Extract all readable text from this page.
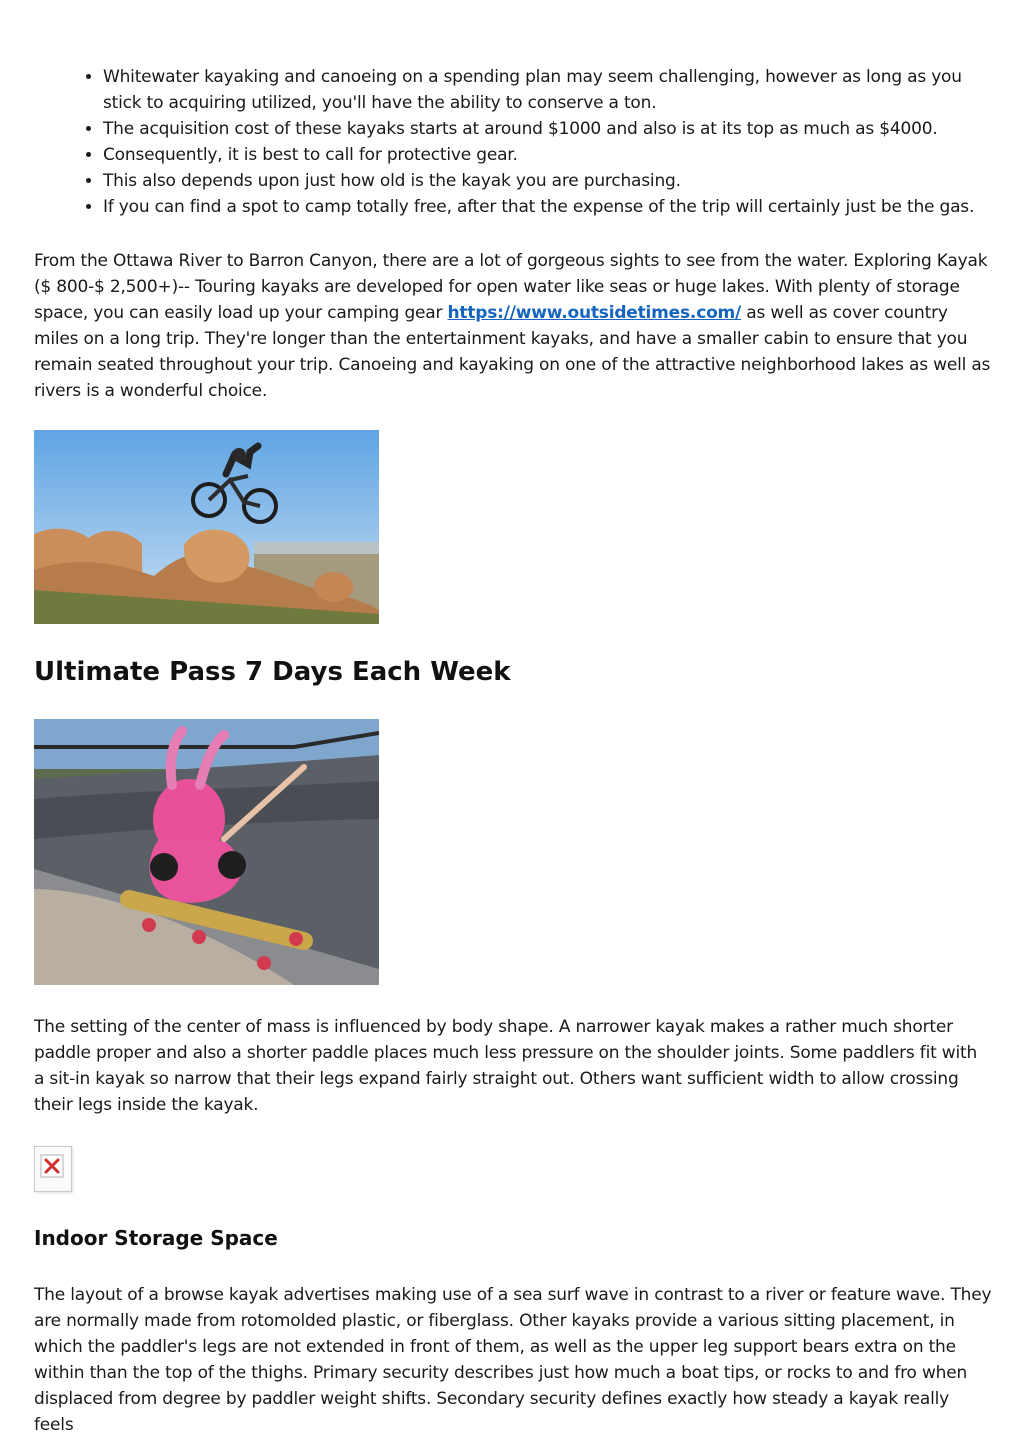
• Whitewater kayaking and canoeing on a spending plan may seem challenging, however as long as you stick to acquiring utilized, you'll have the ability to conserve a ton.
• The acquisition cost of these kayaks starts at around $1000 and also is at its top as much as $4000.
• Consequently, it is best to call for protective gear.
• This also depends upon just how old is the kayak you are purchasing.
• If you can find a spot to camp totally free, after that the expense of the trip will certainly just be the gas.

From the Ottawa River to Barron Canyon, there are a lot of gorgeous sights to see from the water. Exploring Kayak ($ 800-$ 2,500+)-- Touring kayaks are developed for open water like seas or huge lakes. With plenty of storage space, you can easily load up your camping gear https://www.outsidetimes.com/ as well as cover country miles on a long trip. They're longer than the entertainment kayaks, and have a smaller cabin to ensure that you remain seated throughout your trip. Canoeing and kayaking on one of the attractive neighborhood lakes as well as rivers is a wonderful choice.

Ultimate Pass 7 Days Each Week

The setting of the center of mass is influenced by body shape. A narrower kayak makes a rather much shorter paddle proper and also a shorter paddle places much less pressure on the shoulder joints. Some paddlers fit with a sit-in kayak so narrow that their legs expand fairly straight out. Others want sufficient width to allow crossing their legs inside the kayak.

Indoor Storage Space

The layout of a browse kayak advertises making use of a sea surf wave in contrast to a river or feature wave. They are normally made from rotomolded plastic, or fiberglass. Other kayaks provide a various sitting placement, in which the paddler's legs are not extended in front of them, as well as the upper leg support bears extra on the within than the top of the thighs. Primary security describes just how much a boat tips, or rocks to and fro when displaced from degree by paddler weight shifts. Secondary security defines exactly how steady a kayak really feels
